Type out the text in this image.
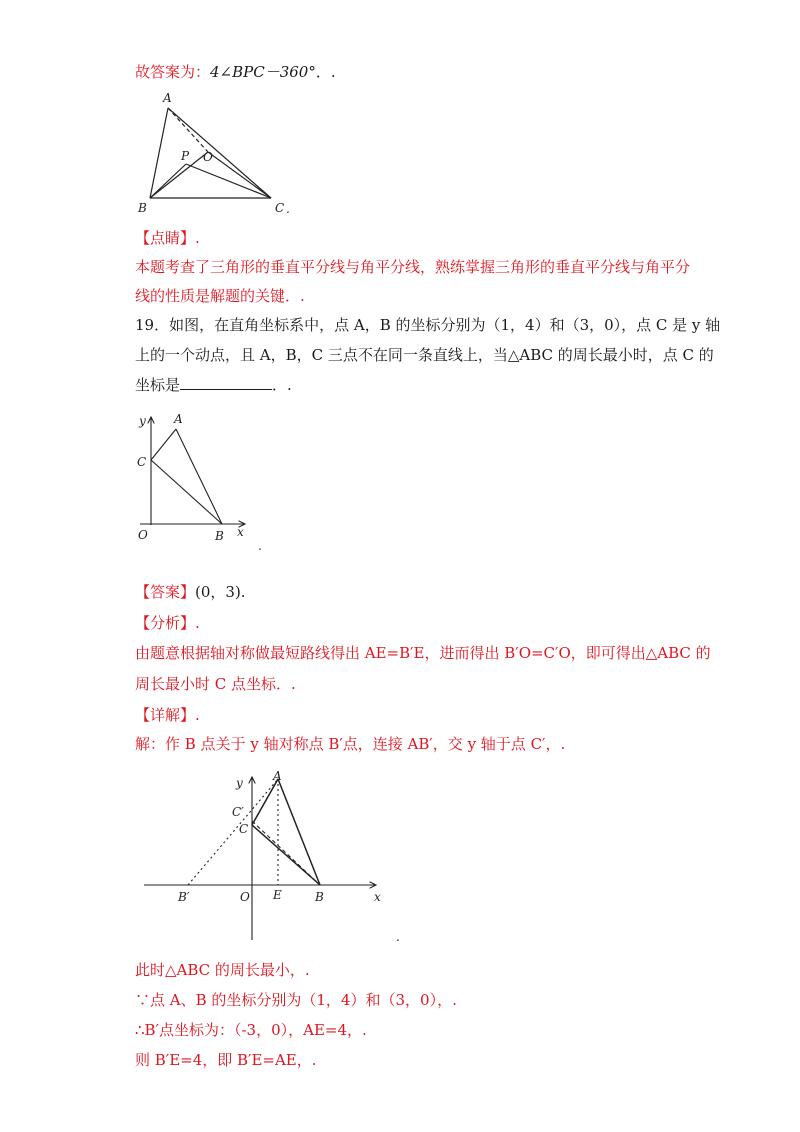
故答案为：4∠BPC－360°．.
A
P O
B	C .
【点睛】.
本题考查了三角形的垂直平分线与角平分线，熟练掌握三角形的垂直平分线与角平分
线的性质是解题的关键．.
19．如图，在直角坐标系中，点 A，B 的坐标分别为（1，4）和（3，0），点 C 是 y 轴
上的一个动点，且 A，B，C 三点不在同一条直线上，当△ABC 的周长最小时，点 C 的
坐标是	．.
y A
C
O	B x
.
【答案】(0，3).
【分析】.
由题意根据轴对称做最短路线得出 AE=B′E，进而得出 B′O=C′O，即可得出△ABC 的
周长最小时 C 点坐标．.
【详解】.
解：作 B 点关于 y 轴对称点 B′点，连接 AB′，交 y 轴于点 C′，.
y	A
C′
C
B′	O E	B	x
.
此时△ABC 的周长最小，.
∵点 A、B 的坐标分别为（1，4）和（3，0），.
∴B′点坐标为：（-3，0），AE=4，.
则 B′E=4，即 B′E=AE，.
